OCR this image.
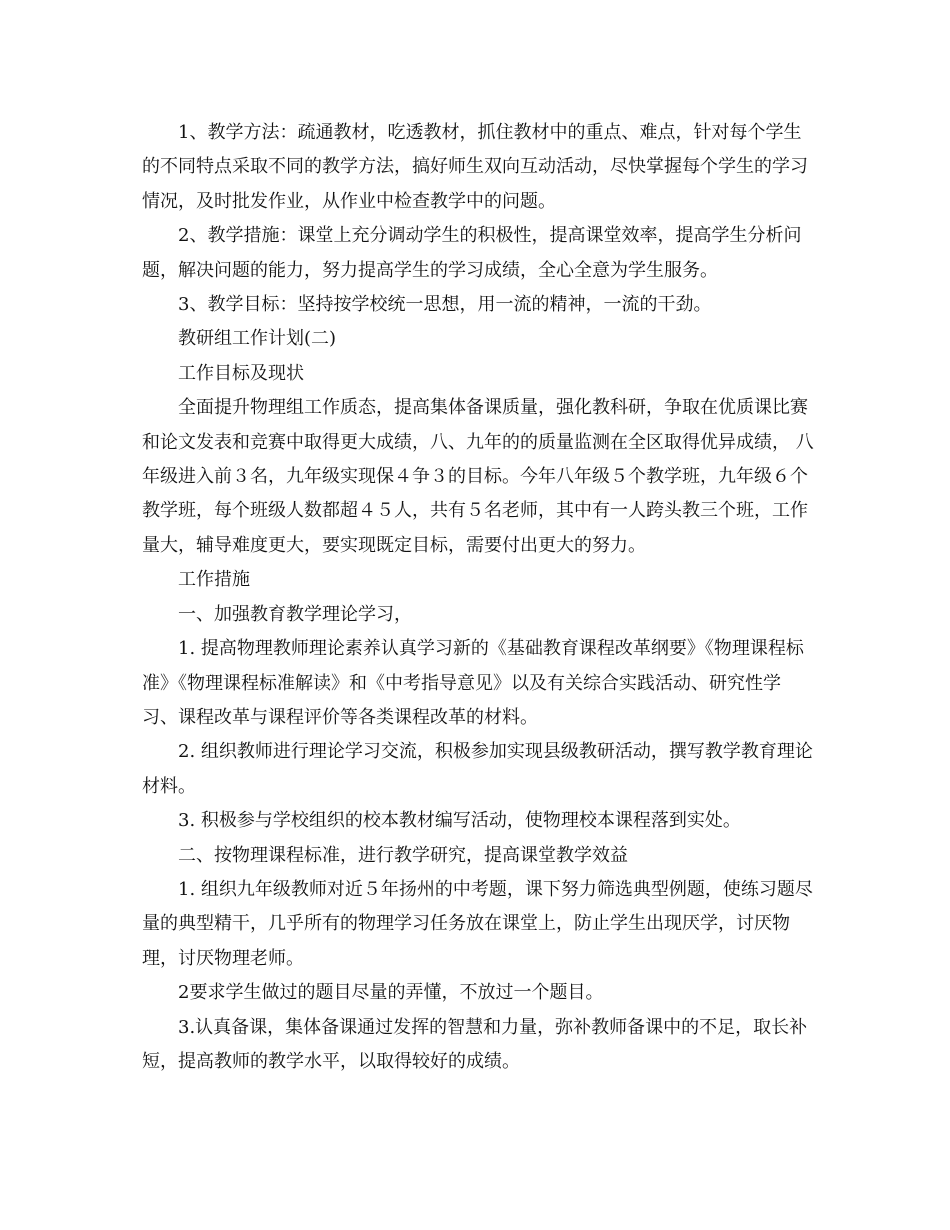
1、教学方法：疏通教材，吃透教材，抓住教材中的重点、难点，针对每个学生的不同特点采取不同的教学方法，搞好师生双向互动活动，尽快掌握每个学生的学习情况，及时批发作业，从作业中检查教学中的问题。

2、教学措施：课堂上充分调动学生的积极性，提高课堂效率，提高学生分析问题，解决问题的能力，努力提高学生的学习成绩，全心全意为学生服务。

3、教学目标：坚持按学校统一思想，用一流的精神，一流的干劲。

教研组工作计划(二)

工作目标及现状

全面提升物理组工作质态，提高集体备课质量，强化教科研，争取在优质课比赛和论文发表和竞赛中取得更大成绩，八、九年的的质量监测在全区取得优异成绩， 八年级进入前３名，九年级实现保４争３的目标。今年八年级５个教学班，九年级６个教学班，每个班级人数都超４５人，共有５名老师，其中有一人跨头教三个班，工作量大，辅导难度更大，要实现既定目标，需要付出更大的努力。

工作措施

一、加强教育教学理论学习，

1. 提高物理教师理论素养认真学习新的《基础教育课程改革纲要》《物理课程标准》《物理课程标准解读》和《中考指导意见》以及有关综合实践活动、研究性学习、课程改革与课程评价等各类课程改革的材料。

2. 组织教师进行理论学习交流，积极参加实现县级教研活动，撰写教学教育理论材料。

3. 积极参与学校组织的校本教材编写活动，使物理校本课程落到实处。

二、按物理课程标准，进行教学研究，提高课堂教学效益

1. 组织九年级教师对近５年扬州的中考题，课下努力筛选典型例题，使练习题尽量的典型精干，几乎所有的物理学习任务放在课堂上，防止学生出现厌学，讨厌物理，讨厌物理老师。

2要求学生做过的题目尽量的弄懂，不放过一个题目。

3.认真备课，集体备课通过发挥的智慧和力量，弥补教师备课中的不足，取长补短，提高教师的教学水平，以取得较好的成绩。
